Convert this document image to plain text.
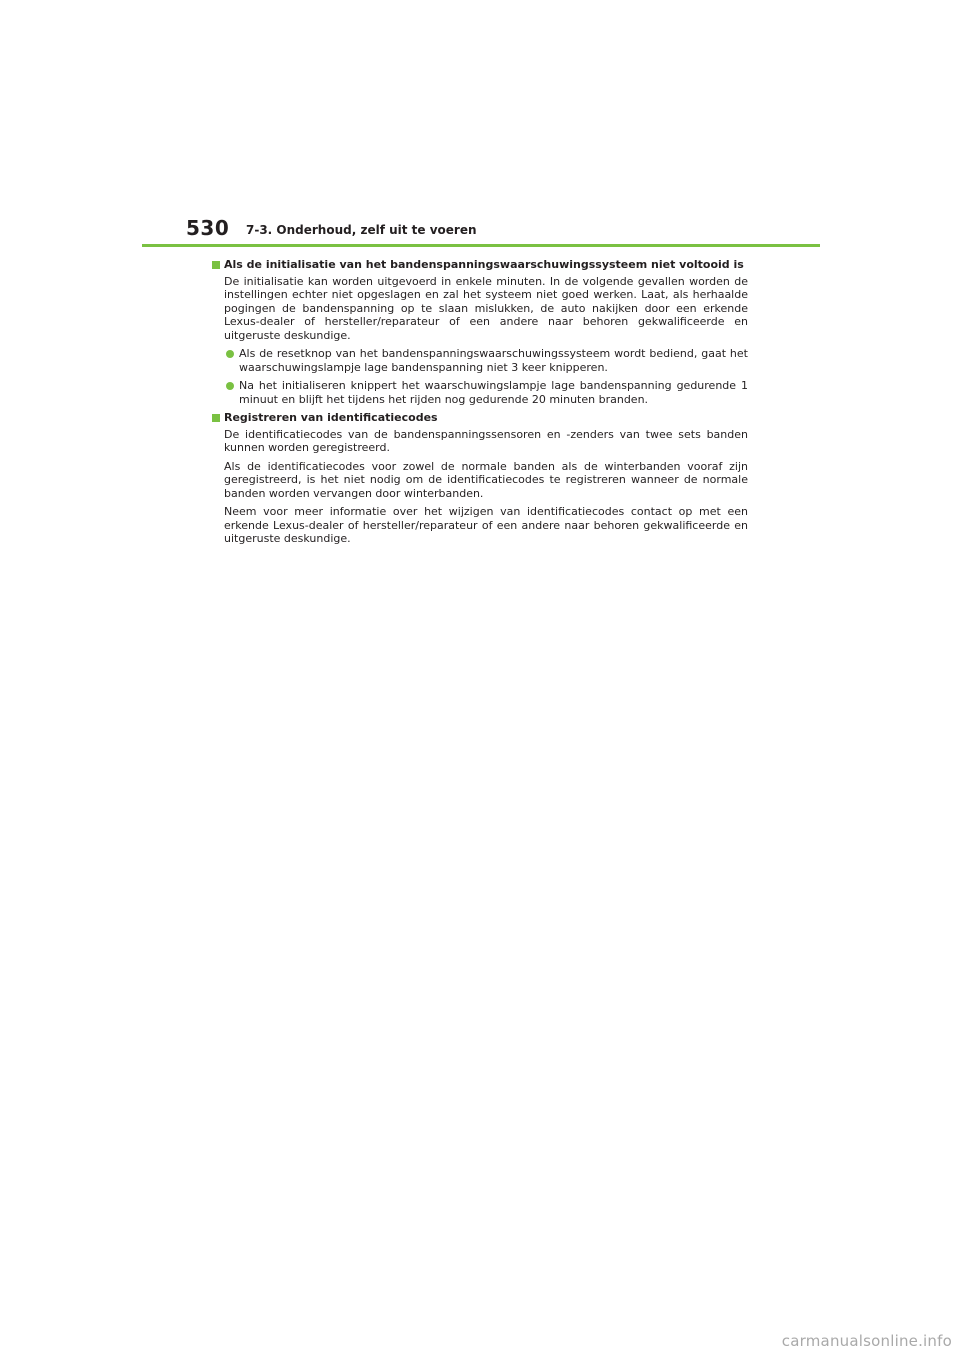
530 7-3. Onderhoud, zelf uit te voeren
Als de initialisatie van het bandenspanningswaarschuwingssysteem niet voltooid is
De initialisatie kan worden uitgevoerd in enkele minuten. In de volgende gevallen worden de instellingen echter niet opgeslagen en zal het systeem niet goed werken. Laat, als herhaalde pogingen de bandenspanning op te slaan mislukken, de auto nakijken door een erkende Lexus-dealer of hersteller/reparateur of een andere naar behoren gekwalificeerde en uitgeruste deskundige.
Als de resetknop van het bandenspanningswaarschuwingssysteem wordt bediend, gaat het waarschuwingslampje lage bandenspanning niet 3 keer knipperen.
Na het initialiseren knippert het waarschuwingslampje lage bandenspanning gedurende 1 minuut en blijft het tijdens het rijden nog gedurende 20 minuten branden.
Registreren van identificatiecodes
De identificatiecodes van de bandenspanningssensoren en -zenders van twee sets banden kunnen worden geregistreerd.
Als de identificatiecodes voor zowel de normale banden als de winterbanden vooraf zijn geregistreerd, is het niet nodig om de identificatiecodes te registreren wanneer de normale banden worden vervangen door winterbanden.
Neem voor meer informatie over het wijzigen van identificatiecodes contact op met een erkende Lexus-dealer of hersteller/reparateur of een andere naar behoren gekwalificeerde en uitgeruste deskundige.
carmanualsonline.info
